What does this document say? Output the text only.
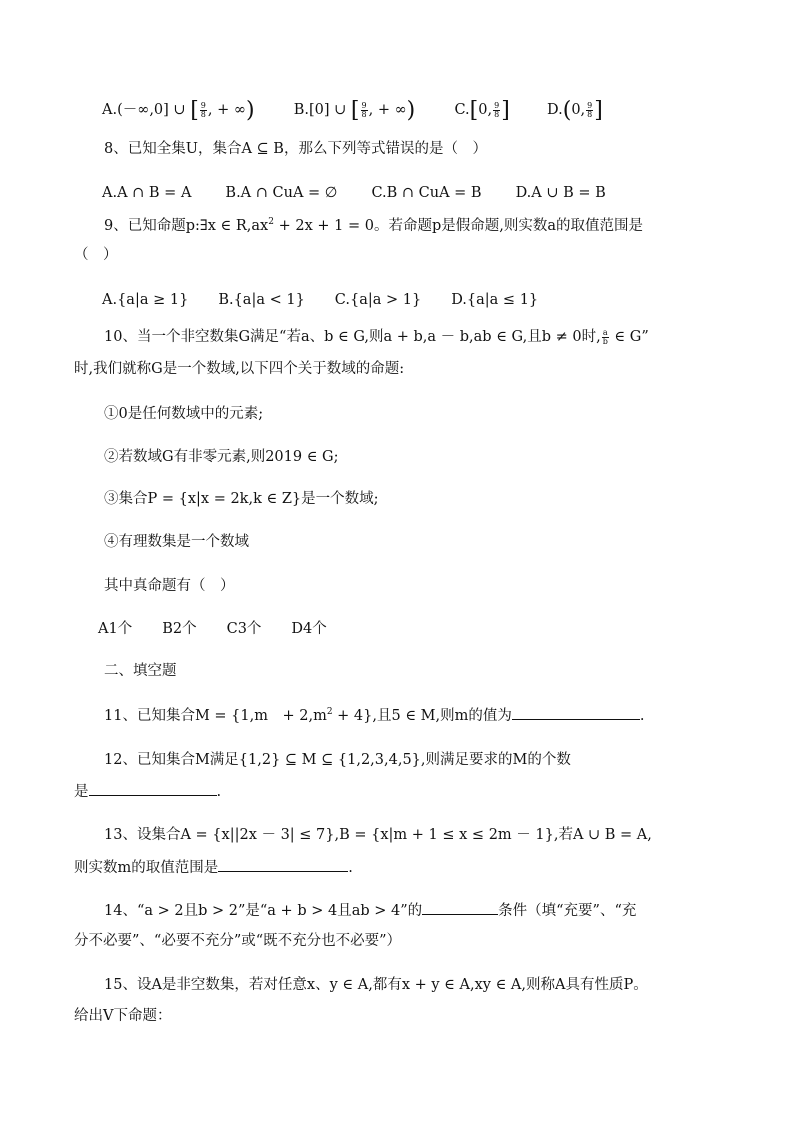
A.(－∞,0] ∪ [ $\frac{9}{8}$ , + ∞)	B.[0] ∪ [ $\frac{9}{8}$ , + ∞)	C.[0, $\frac{9}{8}$ ]	D.(0, $\frac{9}{8}$ ]
8、已知全集U，集合A ⊆ B，那么下列等式错误的是（　）
A.A ∩ B = A B.A ∩ CuA = ∅ C.B ∩ CuA = B D.A ∪ B = B
9、已知命题p:∃x ∈ $R,ax^2 + 2x + 1 = 0$。若命题p是假命题,则实数a的取值范围是
（　）
A.{a|a ≥ 1} B.{a|a < 1} C.{a|a > 1} D.{a|a ≤ 1}
10、当一个非空数集G满足“若a、b ∈ G,则a + b,a － b,ab ∈ G,且b ≠ 0时, $\frac{a}{b}$ ∈ G”
时,我们就称G是一个数域,以下四个关于数域的命题:
①0是任何数域中的元素;
②若数域G有非零元素,则2019 ∈ G;
③集合P = {x|x = 2k,k ∈ Z}是一个数域;
④有理数集是一个数域
其中真命题有（　）
A1个 B2个 C3个 D4个
二、填空题
11、已知集合M = {1,m　+ $2,m^2 + 4$},且5 ∈ M,则m的值为	.
12、已知集合M满足{1,2} ⊆ M ⊆ {1,2,3,4,5},则满足要求的M的个数
是	.
13、设集合A = {x||2x － 3| ≤ 7},B = {x|m + 1 ≤ x ≤ 2m － 1},若A ∪ B = A,
则实数m的取值范围是	.
14、“a > 2且b > 2”是“a + b > 4且ab > 4”的	条件（填“充要”、“充
分不必要”、“必要不充分”或“既不充分也不必要”）
15、设A是非空数集，若对任意x、y ∈ A,都有x + y ∈ A,xy ∈ A,则称A具有性质P。
给出Ⅴ下命题：
